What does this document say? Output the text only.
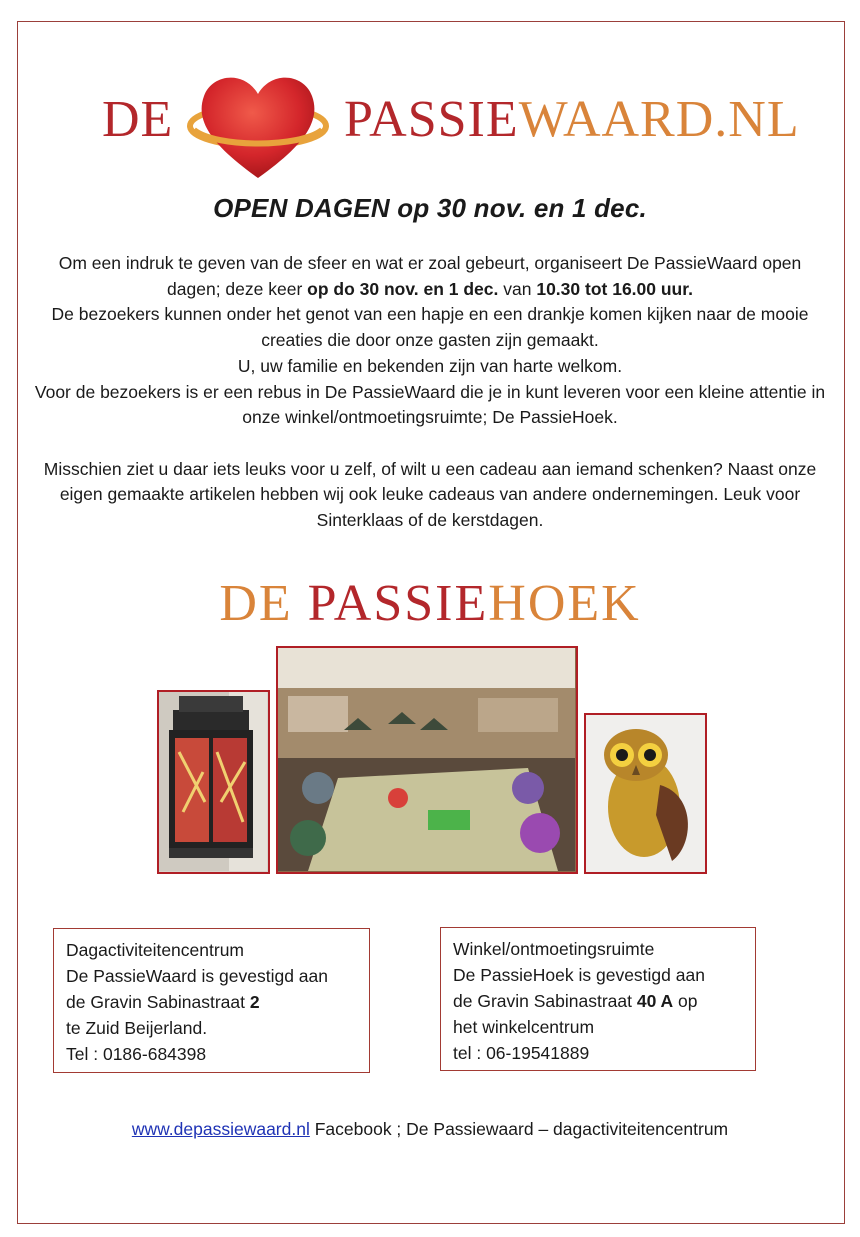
DE	PASSIEWAARD.NL
OPEN DAGEN op 30 nov. en 1 dec.

Om een indruk te geven van de sfeer en wat er zoal gebeurt, organiseert De PassieWaard open dagen; deze keer op do 30 nov. en 1 dec. van 10.30 tot 16.00 uur.

De bezoekers kunnen onder het genot van een hapje en een drankje komen kijken naar de mooie creaties die door onze gasten zijn gemaakt.

U, uw familie en bekenden zijn van harte welkom.

Voor de bezoekers is er een rebus in De PassieWaard die je in kunt leveren voor een kleine attentie in onze winkel/ontmoetingsruimte; De PassieHoek.

Misschien ziet u daar iets leuks voor u zelf, of wilt u een cadeau aan iemand schenken? Naast onze eigen gemaakte artikelen hebben wij ook leuke cadeaus van andere ondernemingen. Leuk voor Sinterklaas of de kerstdagen.

DE PASSIEHOEK
Dagactiviteitencentrum
De PassieWaard is gevestigd aan
de Gravin Sabinastraat 2
te Zuid Beijerland.
Tel : 0186-684398
Winkel/ontmoetingsruimte
De PassieHoek is gevestigd aan
de Gravin Sabinastraat 40 A op
het winkelcentrum
tel : 06-19541889
www.depassiewaard.nl Facebook ; De Passiewaard – dagactiviteitencentrum
